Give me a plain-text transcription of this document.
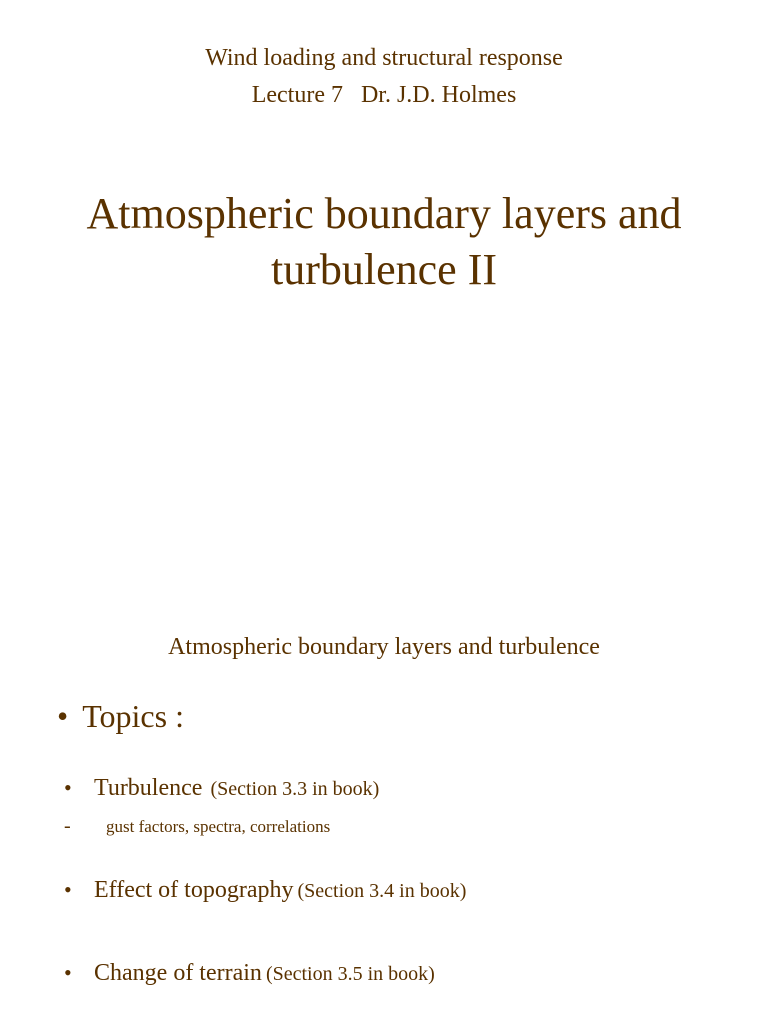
Wind loading and structural response
Lecture 7   Dr. J.D. Holmes
Atmospheric boundary layers and
turbulence II
Atmospheric boundary layers and turbulence
• Topics :
• Turbulence (Section 3.3 in book)
- gust factors, spectra, correlations
• Effect of topography (Section 3.4 in book)
• Change of terrain (Section 3.5 in book)
